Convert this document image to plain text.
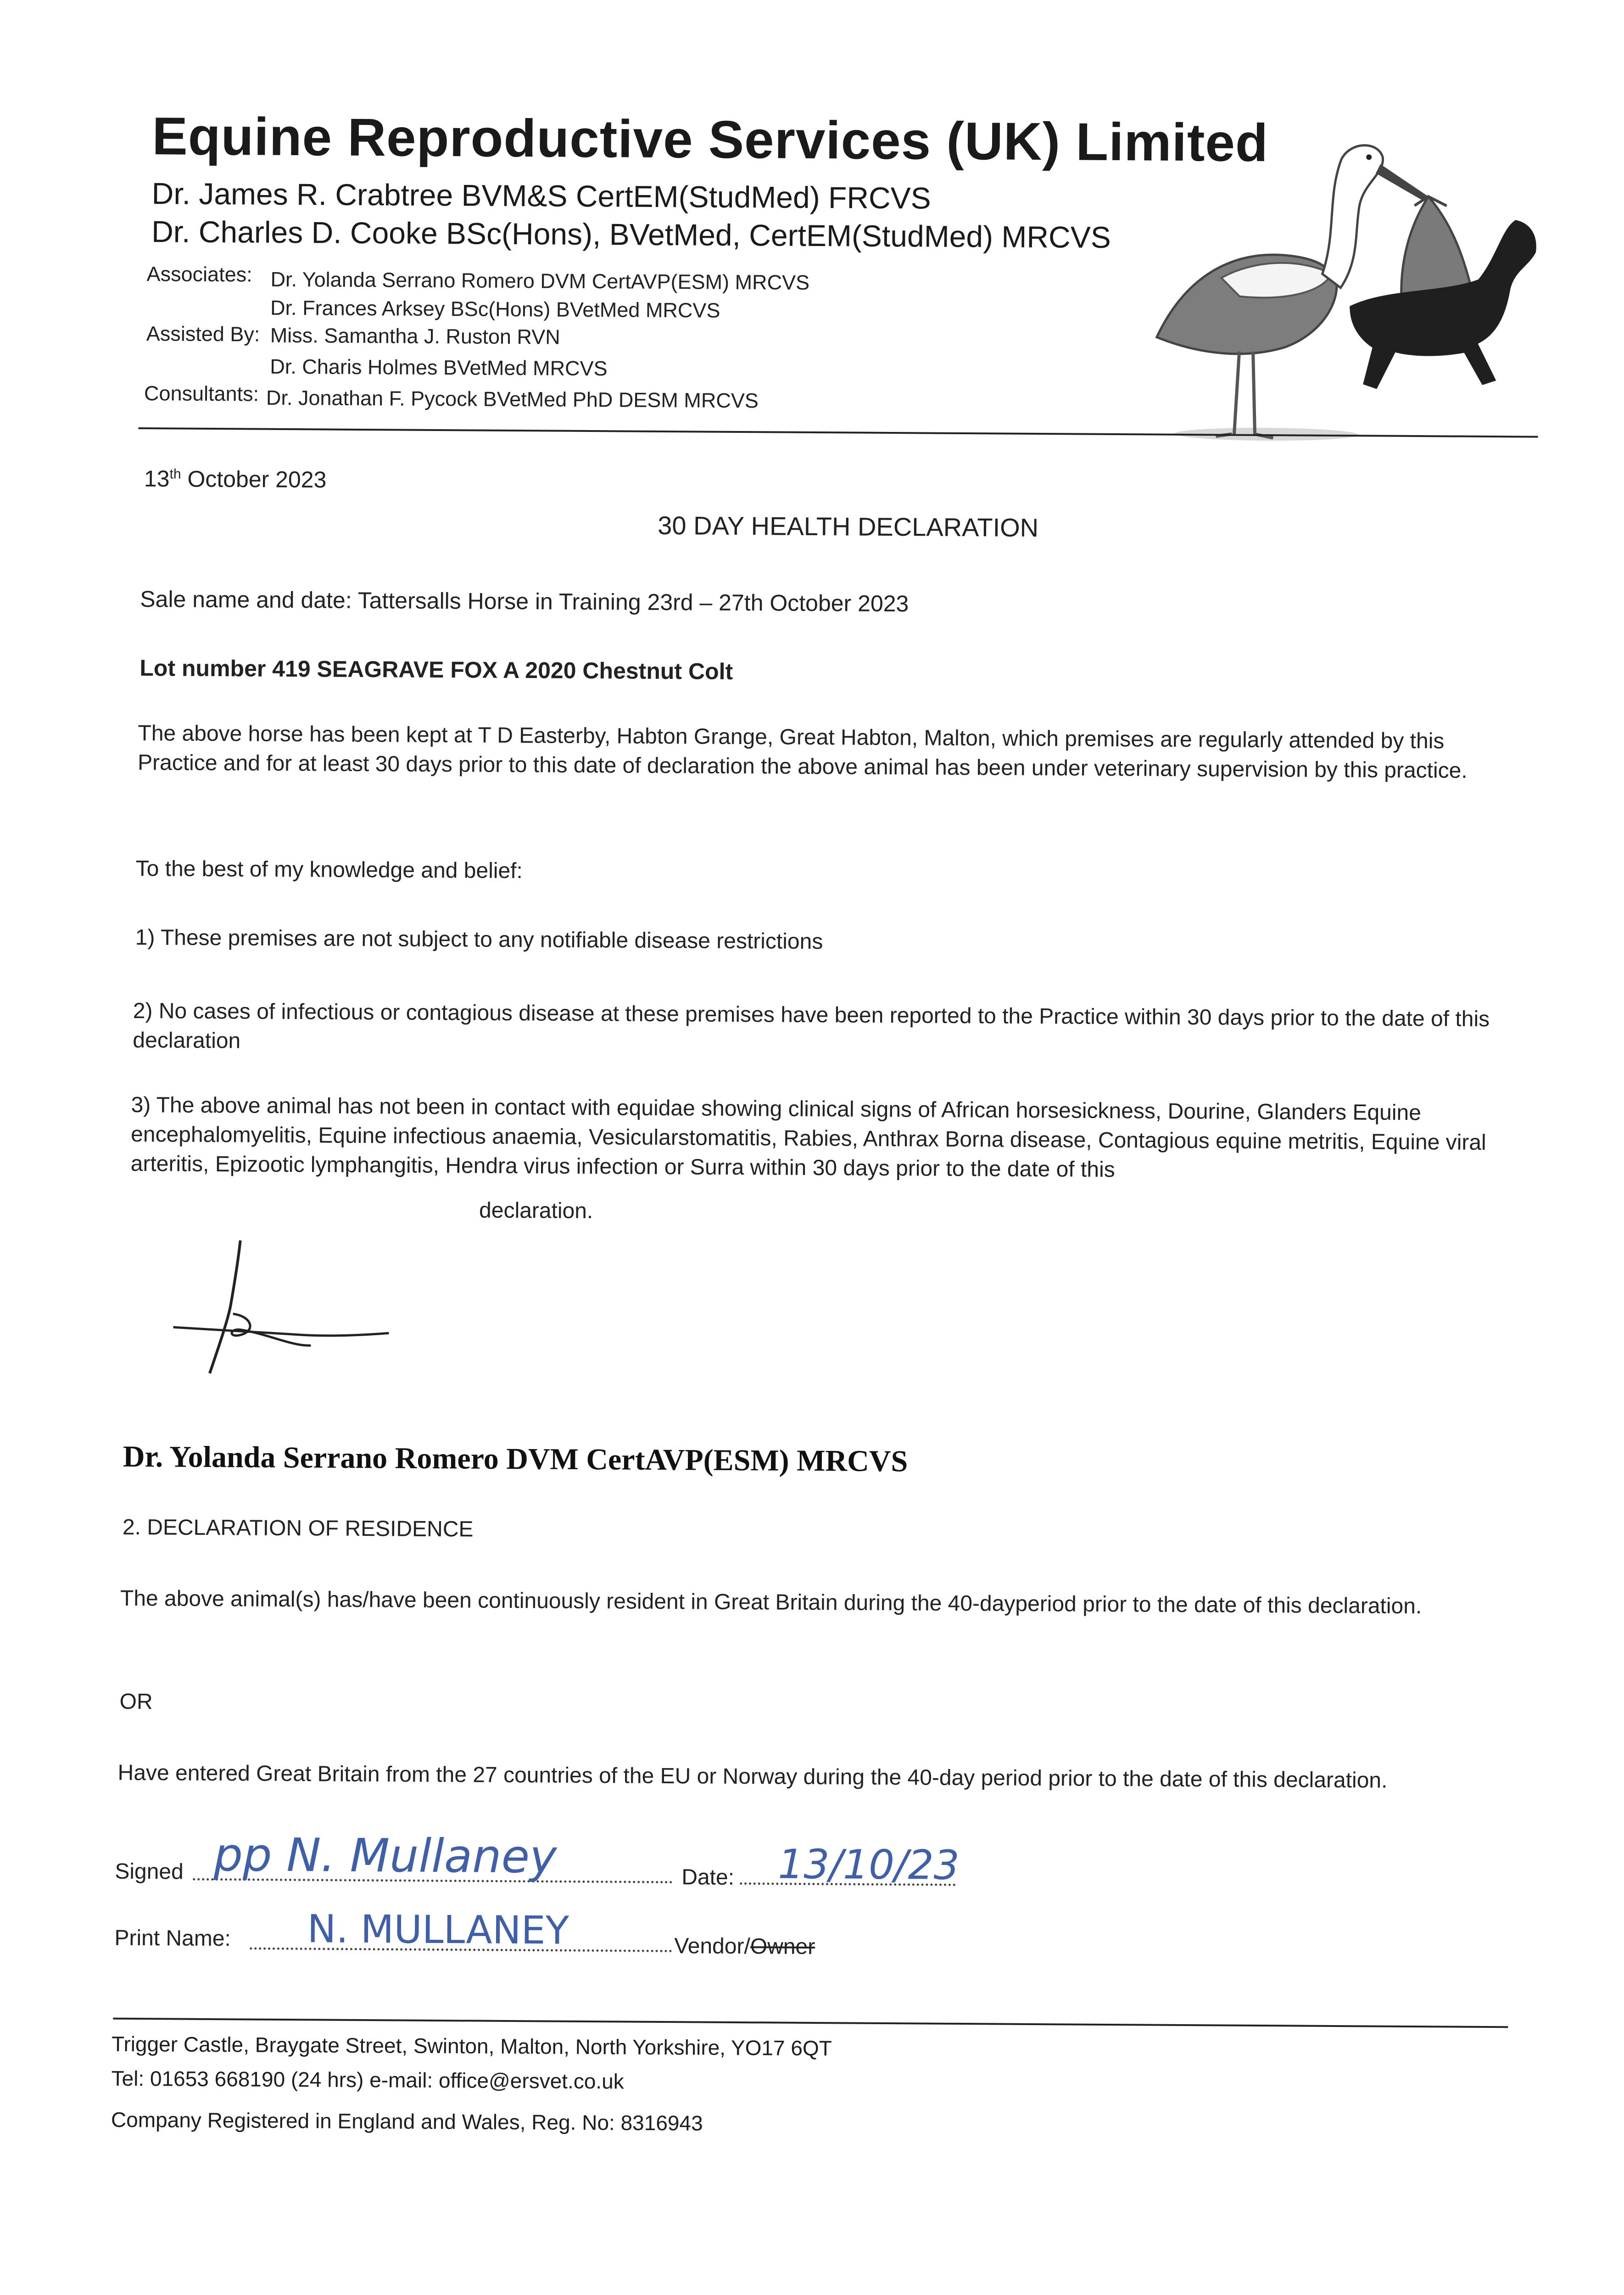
Equine Reproductive Services (UK) Limited
Dr. James R. Crabtree BVM&S CertEM(StudMed) FRCVS
Dr. Charles D. Cooke BSc(Hons), BVetMed, CertEM(StudMed) MRCVS
Associates: Dr. Yolanda Serrano Romero DVM CertAVP(ESM) MRCVS
Dr. Frances Arksey BSc(Hons) BVetMed MRCVS
Assisted By: Miss. Samantha J. Ruston RVN
Dr. Charis Holmes BVetMed MRCVS
Consultants: Dr. Jonathan F. Pycock BVetMed PhD DESM MRCVS
13th October 2023
30 DAY HEALTH DECLARATION
Sale name and date: Tattersalls Horse in Training 23rd – 27th October 2023
Lot number 419 SEAGRAVE FOX A 2020 Chestnut Colt
The above horse has been kept at T D Easterby, Habton Grange, Great Habton, Malton, which premises are regularly attended by this Practice and for at least 30 days prior to this date of declaration the above animal has been under veterinary supervision by this practice.
To the best of my knowledge and belief:
1) These premises are not subject to any notifiable disease restrictions
2) No cases of infectious or contagious disease at these premises have been reported to the Practice within 30 days prior to the date of this declaration
3) The above animal has not been in contact with equidae showing clinical signs of African horsesickness, Dourine, Glanders Equine encephalomyelitis, Equine infectious anaemia, Vesicularstomatitis, Rabies, Anthrax Borna disease, Contagious equine metritis, Equine viral arteritis, Epizootic lymphangitis, Hendra virus infection or Surra within 30 days prior to the date of this
declaration.
Dr. Yolanda Serrano Romero DVM CertAVP(ESM) MRCVS
2. DECLARATION OF RESIDENCE
The above animal(s) has/have been continuously resident in Great Britain during the 40-dayperiod prior to the date of this declaration.
OR
Have entered Great Britain from the 27 countries of the EU or Norway during the 40-day period prior to the date of this declaration.
Signed pp N. Mullaney	Date: 13/10/23
Print Name: N. MULLANEY	Vendor/Owner
Trigger Castle, Braygate Street, Swinton, Malton, North Yorkshire, YO17 6QT
Tel: 01653 668190 (24 hrs) e-mail: office@ersvet.co.uk
Company Registered in England and Wales, Reg. No: 8316943
